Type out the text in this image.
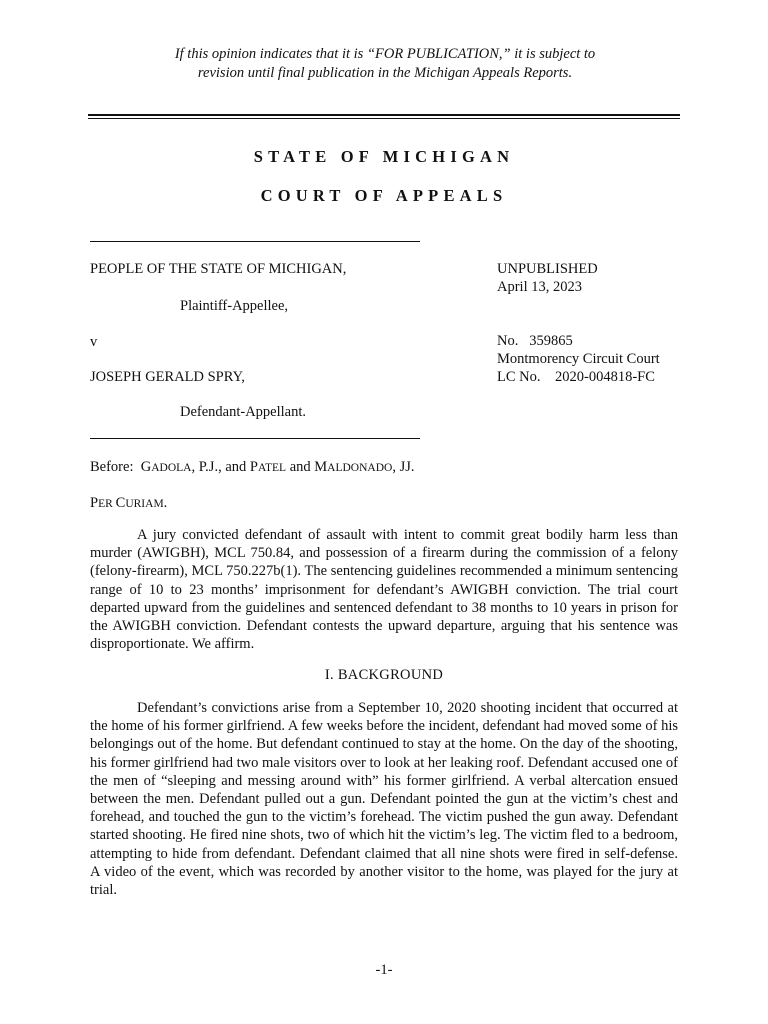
If this opinion indicates that it is “FOR PUBLICATION,” it is subject to
revision until final publication in the Michigan Appeals Reports.
STATE OF MICHIGAN
COURT OF APPEALS
PEOPLE OF THE STATE OF MICHIGAN,
Plaintiff-Appellee,
v
JOSEPH GERALD SPRY,
Defendant-Appellant.
UNPUBLISHED
April 13, 2023
No.   359865
Montmorency Circuit Court
LC No.    2020-004818-FC
Before:  GADOLA, P.J., and PATEL and MALDONADO, JJ.
PER CURIAM.

A jury convicted defendant of assault with intent to commit great bodily harm less than murder (AWIGBH), MCL 750.84, and possession of a firearm during the commission of a felony (felony-firearm), MCL 750.227b(1). The sentencing guidelines recommended a minimum sentencing range of 10 to 23 months’ imprisonment for defendant’s AWIGBH conviction. The trial court departed upward from the guidelines and sentenced defendant to 38 months to 10 years in prison for the AWIGBH conviction. Defendant contests the upward departure, arguing that his sentence was disproportionate. We affirm.

I. BACKGROUND

Defendant’s convictions arise from a September 10, 2020 shooting incident that occurred at the home of his former girlfriend. A few weeks before the incident, defendant had moved some of his belongings out of the home. But defendant continued to stay at the home. On the day of the shooting, his former girlfriend had two male visitors over to look at her leaking roof. Defendant accused one of the men of “sleeping and messing around with” his former girlfriend. A verbal altercation ensued between the men. Defendant pulled out a gun. Defendant pointed the gun at the victim’s chest and forehead, and touched the gun to the victim’s forehead. The victim pushed the gun away. Defendant started shooting. He fired nine shots, two of which hit the victim’s leg. The victim fled to a bedroom, attempting to hide from defendant. Defendant claimed that all nine shots were fired in self-defense. A video of the event, which was recorded by another visitor to the home, was played for the jury at trial.

-1-
